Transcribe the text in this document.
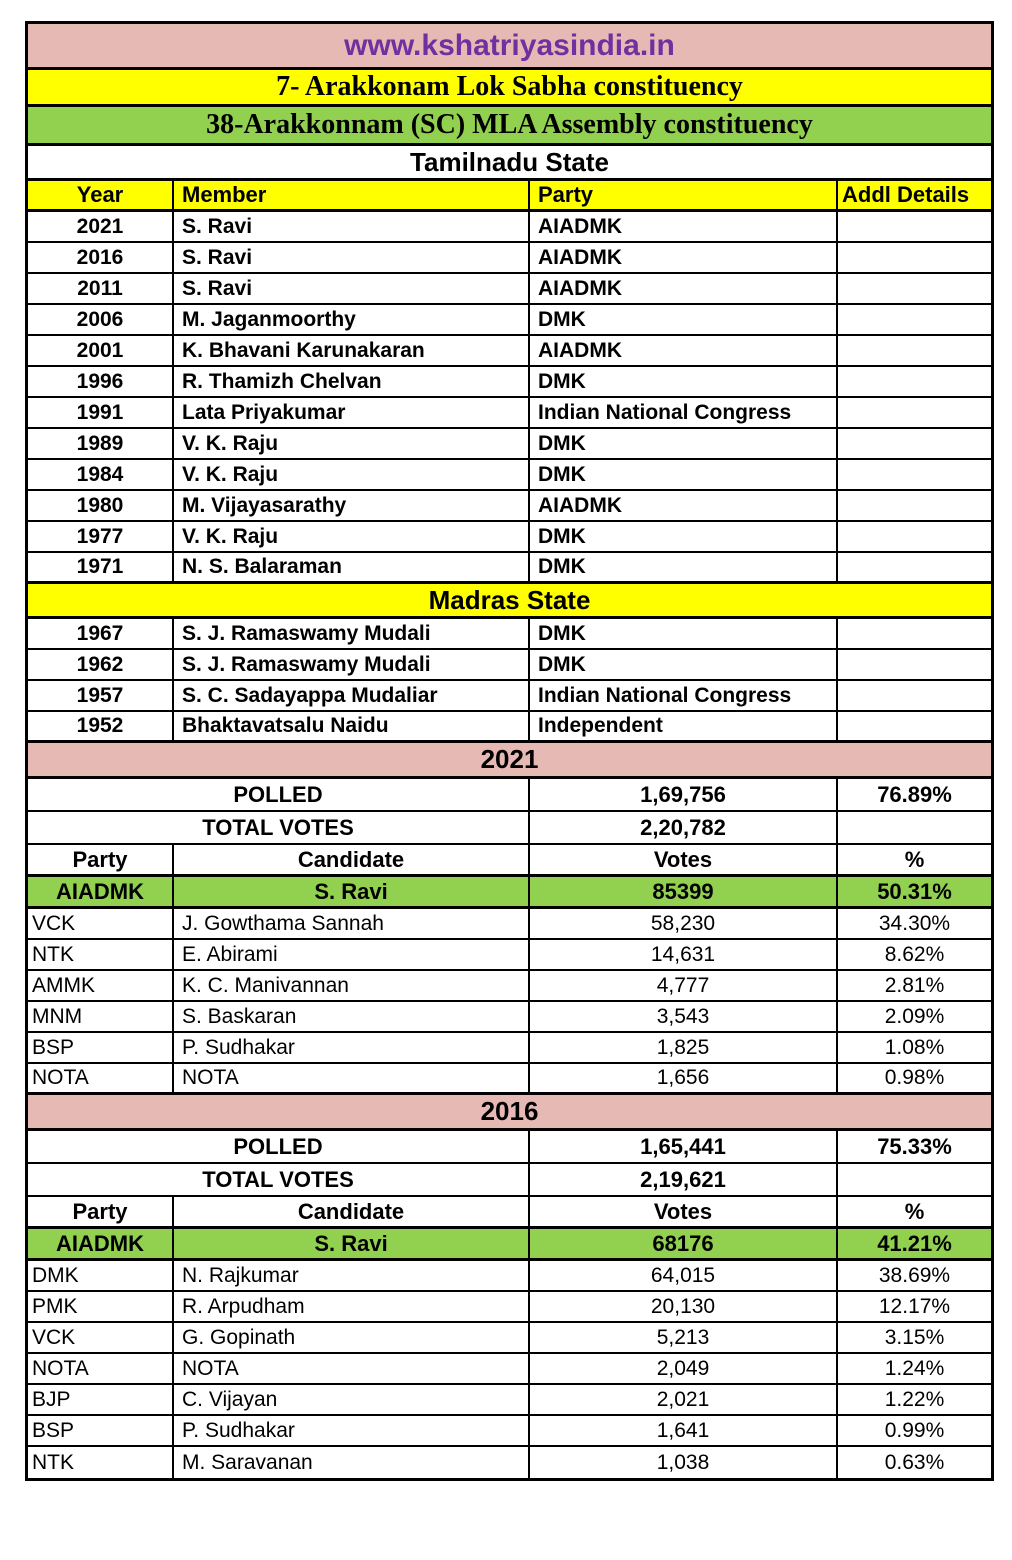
www.kshatriyasindia.in
7- Arakkonam Lok Sabha constituency
38-Arakkonnam (SC) MLA Assembly constituency
Tamilnadu State
Year	Member	Party	Addl Details
2021	S. Ravi	AIADMK
2016	S. Ravi	AIADMK
2011	S. Ravi	AIADMK
2006	M. Jaganmoorthy	DMK
2001	K. Bhavani Karunakaran	AIADMK
1996	R. Thamizh Chelvan	DMK
1991	Lata Priyakumar	Indian National Congress
1989	V. K. Raju	DMK
1984	V. K. Raju	DMK
1980	M. Vijayasarathy	AIADMK
1977	V. K. Raju	DMK
1971	N. S. Balaraman	DMK
Madras State
1967	S. J. Ramaswamy Mudali	DMK
1962	S. J. Ramaswamy Mudali	DMK
1957	S. C. Sadayappa Mudaliar	Indian National Congress
1952	Bhaktavatsalu Naidu	Independent
2021
POLLED	1,69,756	76.89%
TOTAL VOTES	2,20,782
Party	Candidate	Votes	%
AIADMK	S. Ravi	85399	50.31%
VCK	J. Gowthama Sannah	58,230	34.30%
NTK	E. Abirami	14,631	8.62%
AMMK	K. C. Manivannan	4,777	2.81%
MNM	S. Baskaran	3,543	2.09%
BSP	P. Sudhakar	1,825	1.08%
NOTA	NOTA	1,656	0.98%
2016
POLLED	1,65,441	75.33%
TOTAL VOTES	2,19,621
Party	Candidate	Votes	%
AIADMK	S. Ravi	68176	41.21%
DMK	N. Rajkumar	64,015	38.69%
PMK	R. Arpudham	20,130	12.17%
VCK	G. Gopinath	5,213	3.15%
NOTA	NOTA	2,049	1.24%
BJP	C. Vijayan	2,021	1.22%
BSP	P. Sudhakar	1,641	0.99%
NTK	M. Saravanan	1,038	0.63%
